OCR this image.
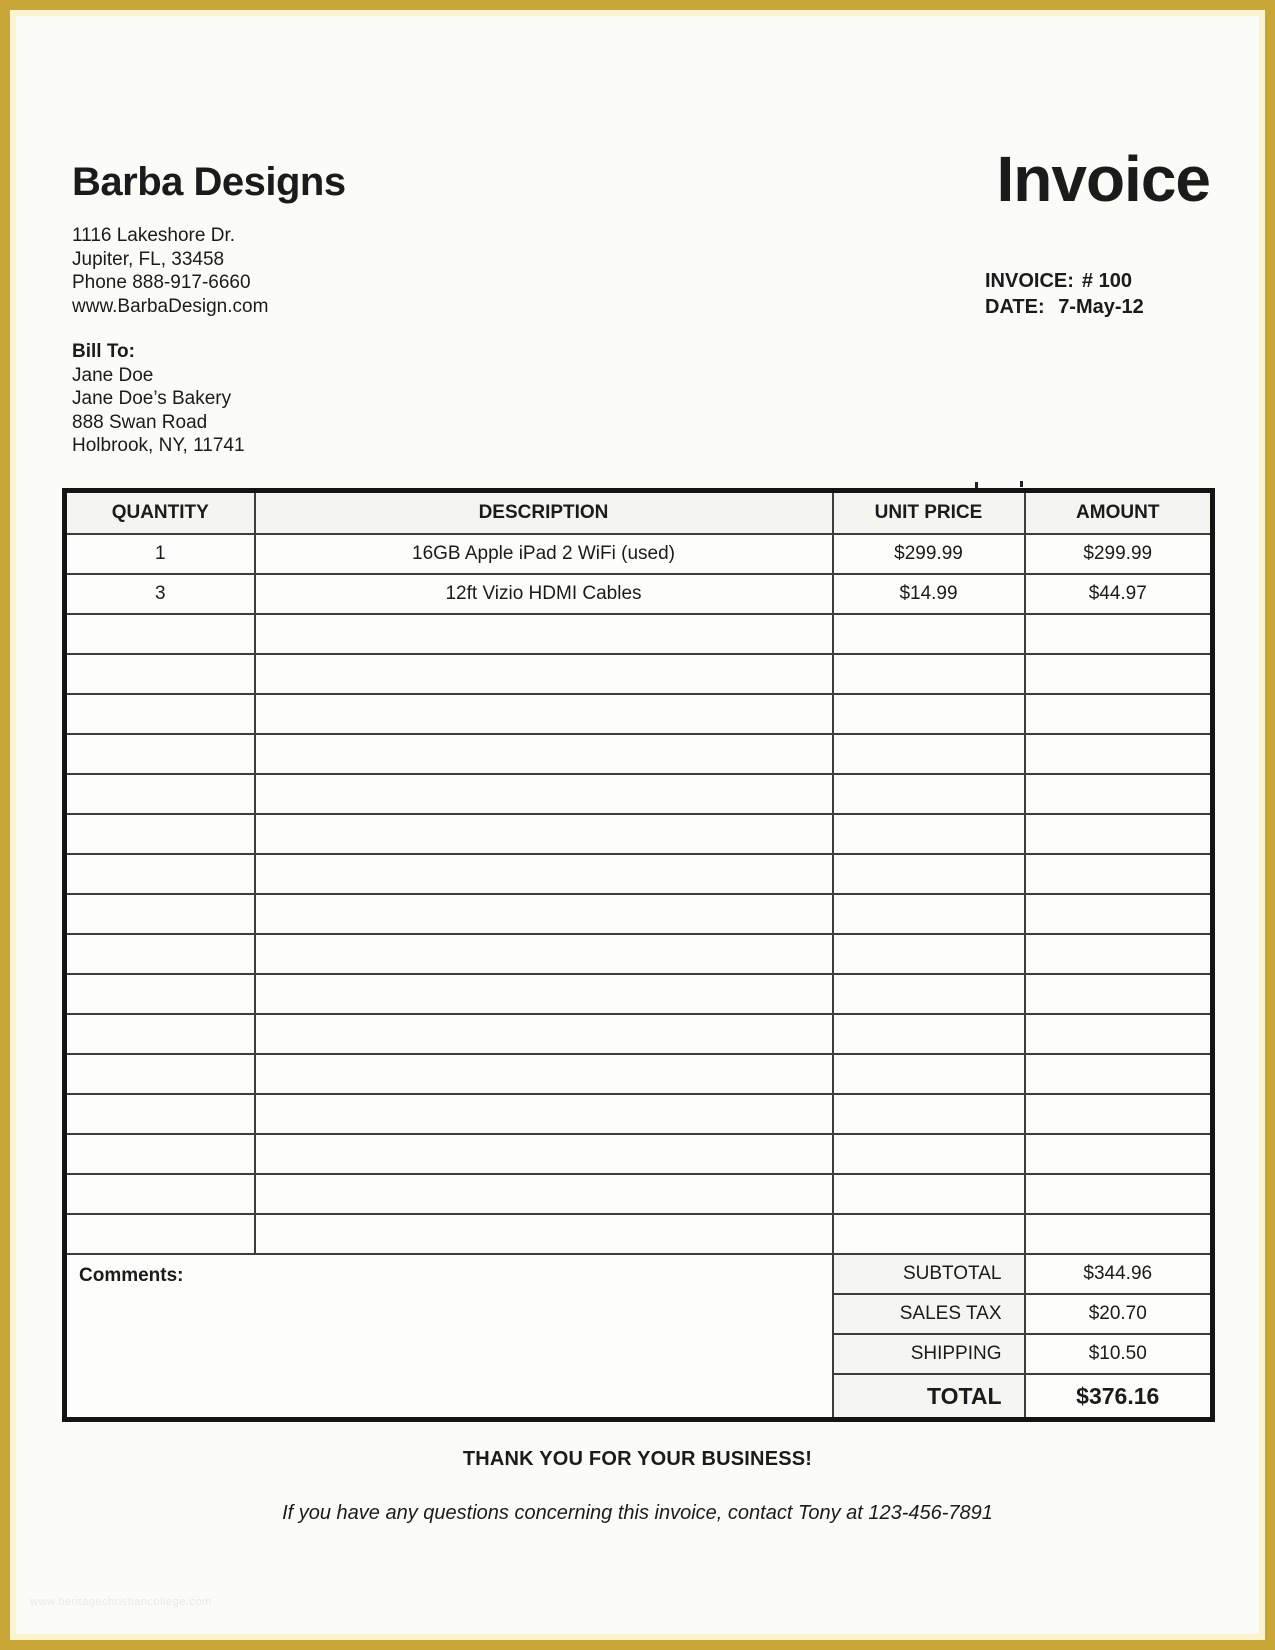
Barba Designs
1116 Lakeshore Dr.
Jupiter, FL, 33458
Phone 888-917-6660
www.BarbaDesign.com
Invoice
INVOICE: # 100
DATE: 7-May-12
Bill To:
Jane Doe
Jane Doe’s Bakery
888 Swan Road
Holbrook, NY, 11741
QUANTITY	DESCRIPTION	UNIT PRICE	AMOUNT
1	16GB Apple iPad 2 WiFi (used)	$299.99	$299.99
3	12ft Vizio HDMI Cables	$14.99	$44.97

Comments:		SUBTOTAL	$344.96
		SALES TAX	$20.70
		SHIPPING	$10.50
		TOTAL	$376.16
THANK YOU FOR YOUR BUSINESS!
If you have any questions concerning this invoice, contact Tony at 123-456-7891
www.heritagechristiancollege.com
